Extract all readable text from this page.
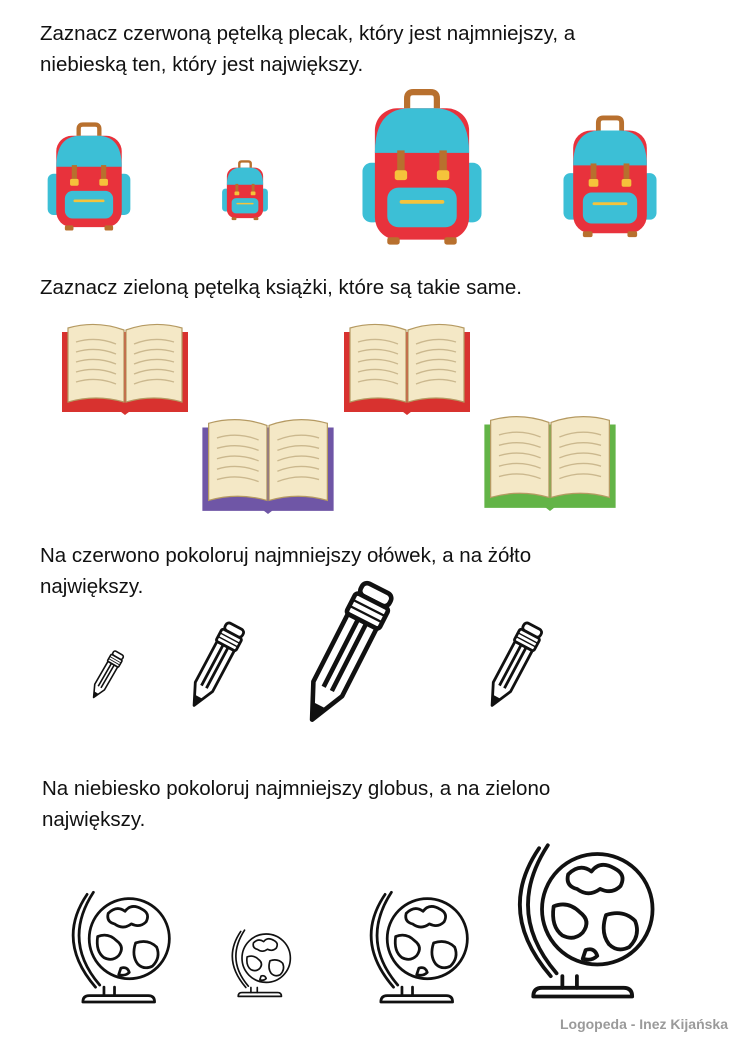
Zaznacz czerwoną pętelką plecak, który jest najmniejszy, a

niebieską ten, który jest największy.

Zaznacz zieloną pętelką książki, które są takie same.

Na czerwono pokoloruj najmniejszy ołówek, a na żółto

największy.

Na niebiesko pokoloruj najmniejszy globus, a na zielono

największy.

Logopeda - Inez Kijańska
